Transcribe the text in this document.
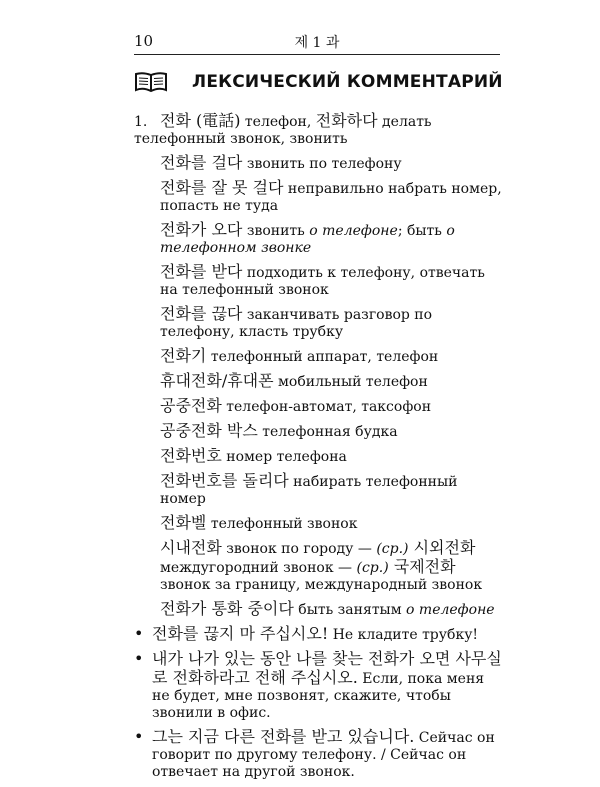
10	제 1 과
ЛЕКСИЧЕСКИЙ КОММЕНТАРИЙ
1. 전화 (電話) телефон, 전화하다 делать телефонный звонок, звонить
전화를 걸다 звонить по телефону
전화를 잘 못 걸다 неправильно набрать номер, попасть не туда
전화가 오다 звонить о телефоне; быть о телефонном звонке
전화를 받다 подходить к телефону, отвечать на телефонный звонок
전화를 끊다 заканчивать разговор по телефону, класть трубку
전화기 телефонный аппарат, телефон
휴대전화/휴대폰 мобильный телефон
공중전화 телефон-автомат, таксофон
공중전화 박스 телефонная будка
전화번호 номер телефона
전화번호를 돌리다 набирать телефонный номер
전화벨 телефонный звонок
시내전화 звонок по городу — (ср.) 시외전화 междугородний звонок — (ср.) 국제전화 звонок за границу, международный звонок
전화가 통화 중이다 быть занятым о телефоне
• 전화를 끊지 마 주십시오! Не кладите трубку!
• 내가 나가 있는 동안 나를 찾는 전화가 오면 사무실로 전화하라고 전해 주십시오. Если, пока меня не будет, мне позвонят, скажите, чтобы звонили в офис.
• 그는 지금 다른 전화를 받고 있습니다. Сейчас он говорит по другому телефону. / Сейчас он отвечает на другой звонок.
